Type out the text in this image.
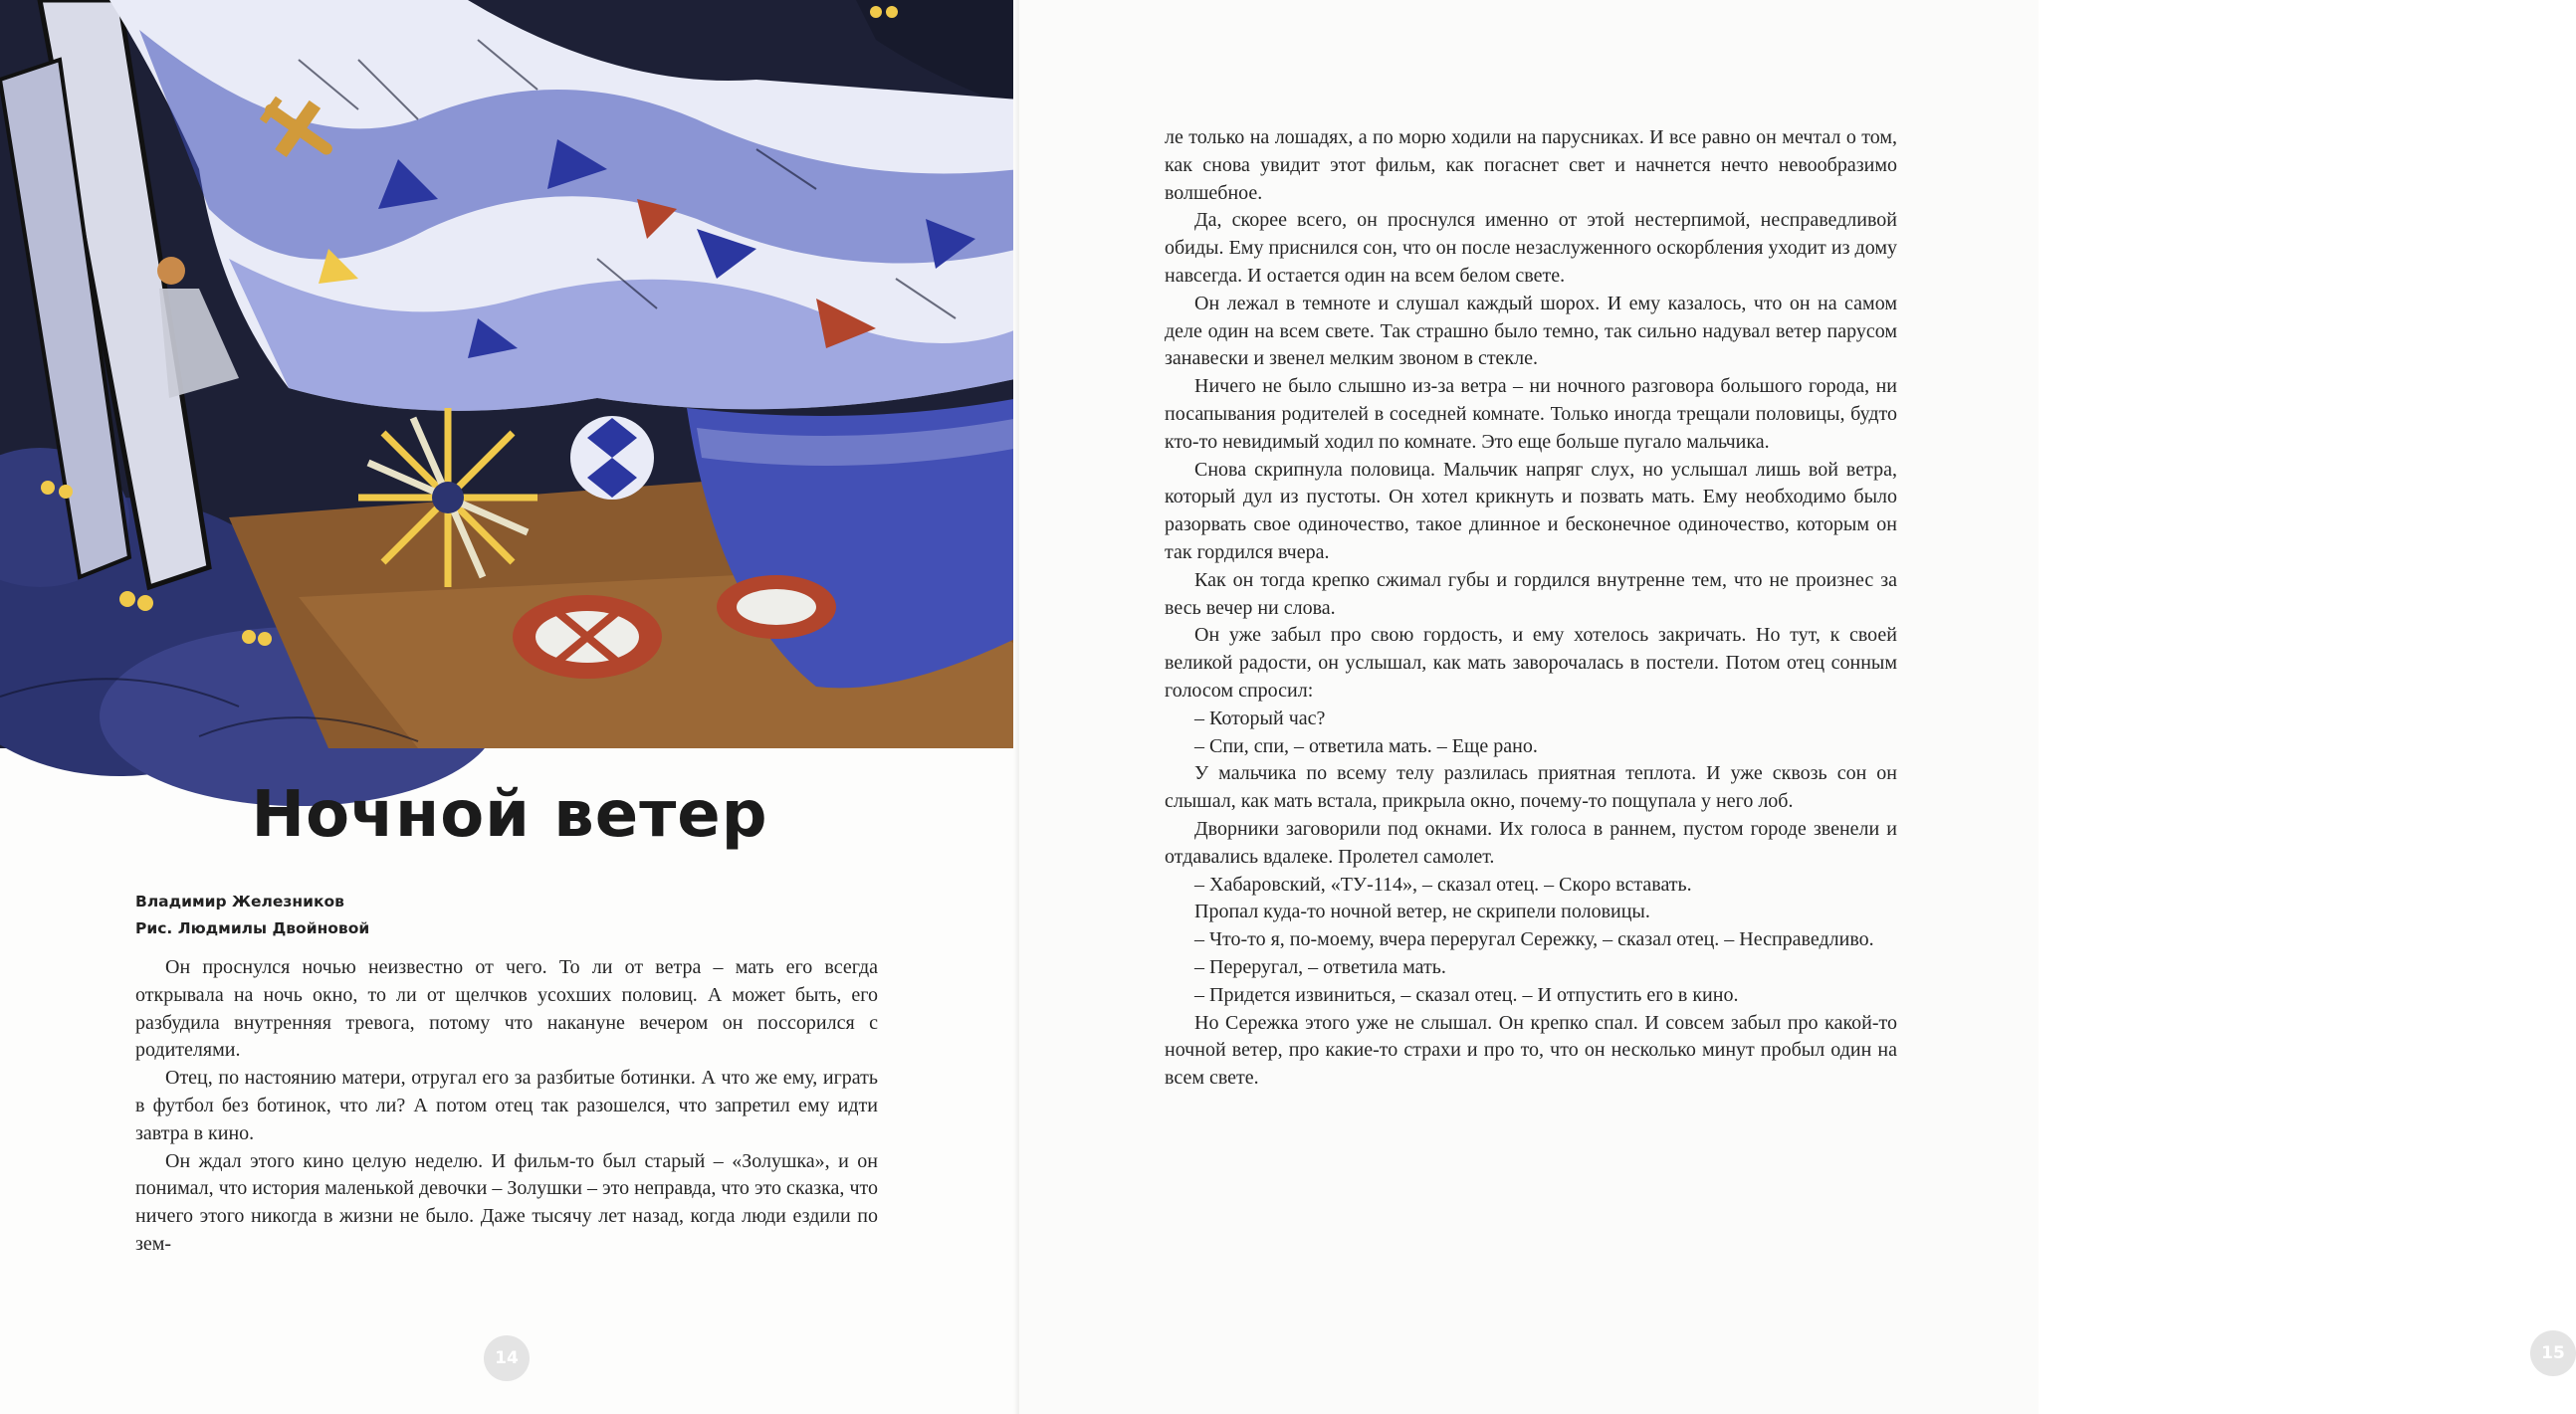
Ночной ветер
Владимир Железников
Рис. Людмилы Двойновой

Он проснулся ночью неизвестно от чего. То ли от ветра – мать его всегда открывала на ночь окно, то ли от щелчков усохших половиц. А может быть, его разбудила внутренняя тревога, потому что накануне вечером он поссорился с родителями.

Отец, по настоянию матери, отругал его за разбитые ботинки. А что же ему, играть в футбол без ботинок, что ли? А потом отец так разошелся, что запретил ему идти завтра в кино.

Он ждал этого кино целую неделю. И фильм-то был старый – «Золушка», и он понимал, что история маленькой девочки – Золушки – это неправда, что это сказка, что ничего этого никогда в жизни не было. Даже тысячу лет назад, когда люди ездили по зем-

14	15

ле только на лошадях, а по морю ходили на парусниках. И все равно он мечтал о том, как снова увидит этот фильм, как погаснет свет и начнется нечто невообразимо волшебное.

Да, скорее всего, он проснулся именно от этой нестерпимой, несправедливой обиды. Ему приснился сон, что он после незаслуженного оскорбления уходит из дому навсегда. И остается один на всем белом свете.

Он лежал в темноте и слушал каждый шорох. И ему казалось, что он на самом деле один на всем свете. Так страшно было темно, так сильно надувал ветер парусом занавески и звенел мелким звоном в стекле.

Ничего не было слышно из-за ветра – ни ночного разговора большого города, ни посапывания родителей в соседней комнате. Только иногда трещали половицы, будто кто-то невидимый ходил по комнате. Это еще больше пугало мальчика.

Снова скрипнула половица. Мальчик напряг слух, но услышал лишь вой ветра, который дул из пустоты. Он хотел крикнуть и позвать мать. Ему необходимо было разорвать свое одиночество, такое длинное и бесконечное одиночество, которым он так гордился вчера.

Как он тогда крепко сжимал губы и гордился внутренне тем, что не произнес за весь вечер ни слова.

Он уже забыл про свою гордость, и ему хотелось закричать. Но тут, к своей великой радости, он услышал, как мать заворочалась в постели. Потом отец сонным голосом спросил:

– Который час?

– Спи, спи, – ответила мать. – Еще рано.

У мальчика по всему телу разлилась приятная теплота. И уже сквозь сон он слышал, как мать встала, прикрыла окно, почему-то пощупала у него лоб.

Дворники заговорили под окнами. Их голоса в раннем, пустом городе звенели и отдавались вдалеке. Пролетел самолет.

– Хабаровский, «ТУ-114», – сказал отец. – Скоро вставать.

Пропал куда-то ночной ветер, не скрипели половицы.

– Что-то я, по-моему, вчера переругал Сережку, – сказал отец. – Несправедливо.

– Переругал, – ответила мать.

– Придется извиниться, – сказал отец. – И отпустить его в кино.

Но Сережка этого уже не слышал. Он крепко спал. И совсем забыл про какой-то ночной ветер, про какие-то страхи и про то, что он несколько минут пробыл один на всем свете.
